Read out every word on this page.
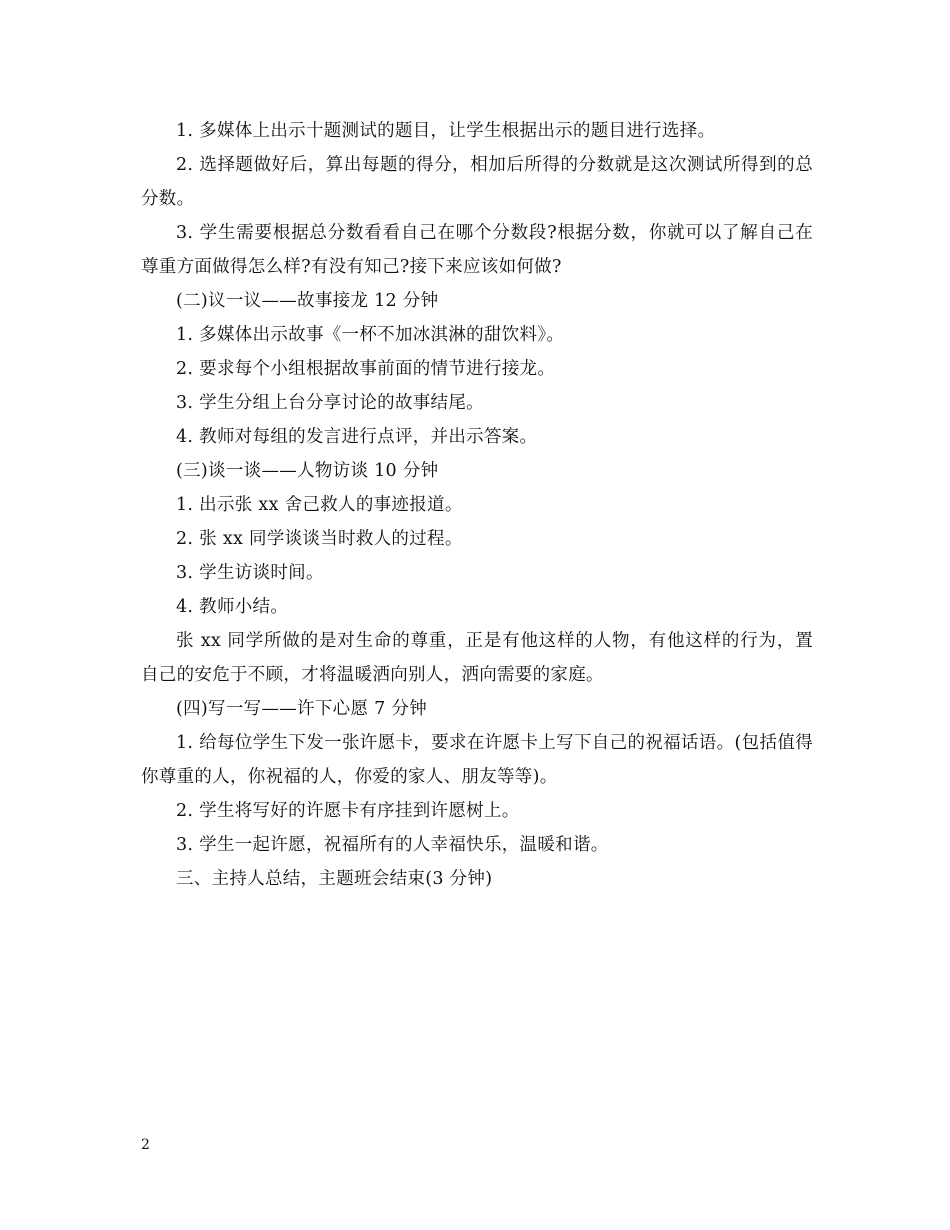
1. 多媒体上出示十题测试的题目，让学生根据出示的题目进行选择。

2. 选择题做好后，算出每题的得分，相加后所得的分数就是这次测试所得到的总分数。

3. 学生需要根据总分数看看自己在哪个分数段?根据分数，你就可以了解自己在尊重方面做得怎么样?有没有知己?接下来应该如何做?

(二)议一议——故事接龙 12 分钟

1. 多媒体出示故事《一杯不加冰淇淋的甜饮料》。

2. 要求每个小组根据故事前面的情节进行接龙。

3. 学生分组上台分享讨论的故事结尾。

4. 教师对每组的发言进行点评，并出示答案。

(三)谈一谈——人物访谈 10 分钟

1. 出示张 xx 舍己救人的事迹报道。

2. 张 xx 同学谈谈当时救人的过程。

3. 学生访谈时间。

4. 教师小结。

张 xx 同学所做的是对生命的尊重，正是有他这样的人物，有他这样的行为，置自己的安危于不顾，才将温暖洒向别人，洒向需要的家庭。

(四)写一写——许下心愿 7 分钟

1. 给每位学生下发一张许愿卡，要求在许愿卡上写下自己的祝福话语。(包括值得你尊重的人，你祝福的人，你爱的家人、朋友等等)。

2. 学生将写好的许愿卡有序挂到许愿树上。

3. 学生一起许愿，祝福所有的人幸福快乐，温暖和谐。

三、主持人总结，主题班会结束(3 分钟)

2
